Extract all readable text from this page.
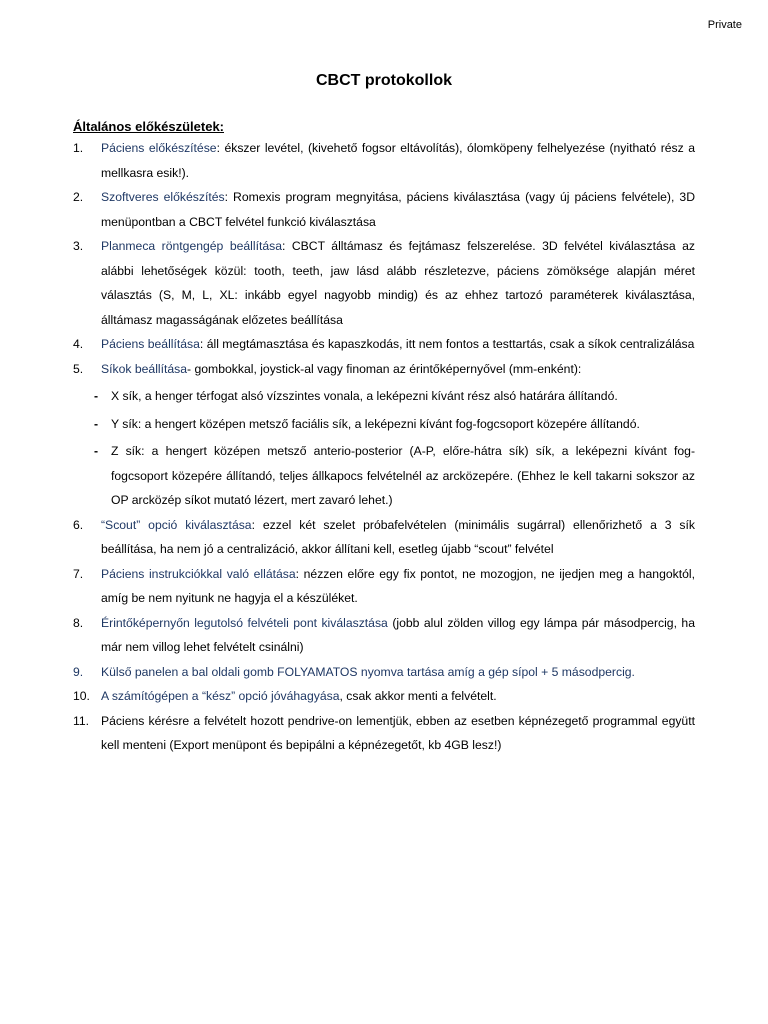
Private
CBCT protokollok
Általános előkészületek:
1.	Páciens előkészítése: ékszer levétel, (kivehető fogsor eltávolítás), ólomköpeny felhelyezése (nyitható rész a mellkasra esik!).
2.	Szoftveres előkészítés: Romexis program megnyitása, páciens kiválasztása (vagy új páciens felvétele), 3D menüpontban a CBCT felvétel funkció kiválasztása
3.	Planmeca röntgengép beállítása: CBCT álltámasz és fejtámasz felszerelése. 3D felvétel kiválasztása az alábbi lehetőségek közül: tooth, teeth, jaw lásd alább részletezve, páciens zömöksége alapján méret választás (S, M, L, XL: inkább egyel nagyobb mindig) és az ehhez tartozó paraméterek kiválasztása, álltámasz magasságának előzetes beállítása
4.	Páciens beállítása: áll megtámasztása és kapaszkodás, itt nem fontos a testtartás, csak a síkok centralizálása
5.	Síkok beállítása- gombokkal, joystick-al vagy finoman az érintőképernyővel (mm-enként):
-	X sík, a henger térfogat alsó vízszintes vonala, a leképezni kívánt rész alsó határára állítandó.
-	Y sík: a hengert középen metsző faciális sík, a leképezni kívánt fog-fogcsoport közepére állítandó.
-	Z sík: a hengert középen metsző anterio-posterior (A-P, előre-hátra sík) sík, a leképezni kívánt fog-fogcsoport közepére állítandó, teljes állkapocs felvételnél az arcközepére. (Ehhez le kell takarni sokszor az OP arcközép síkot mutató lézert, mert zavaró lehet.)
6.	“Scout” opció kiválasztása: ezzel két szelet próbafelvételen (minimális sugárral) ellenőrizhető a 3 sík beállítása, ha nem jó a centralizáció, akkor állítani kell, esetleg újabb “scout” felvétel
7.	Páciens instrukciókkal való ellátása: nézzen előre egy fix pontot, ne mozogjon, ne ijedjen meg a hangoktól, amíg be nem nyitunk ne hagyja el a készüléket.
8.	Érintőképernyőn legutolsó felvételi pont kiválasztása (jobb alul zölden villog egy lámpa pár másodpercig, ha már nem villog lehet felvételt csinálni)
9.	Külső panelen a bal oldali gomb FOLYAMATOS nyomva tartása amíg a gép sípol + 5 másodpercig.
10. A számítógépen a “kész” opció jóváhagyása, csak akkor menti a felvételt.
11. Páciens kérésre a felvételt hozott pendrive-on lementjük, ebben az esetben képnézegető programmal együtt kell menteni (Export menüpont és bepipálni a képnézegetőt, kb 4GB lesz!)
